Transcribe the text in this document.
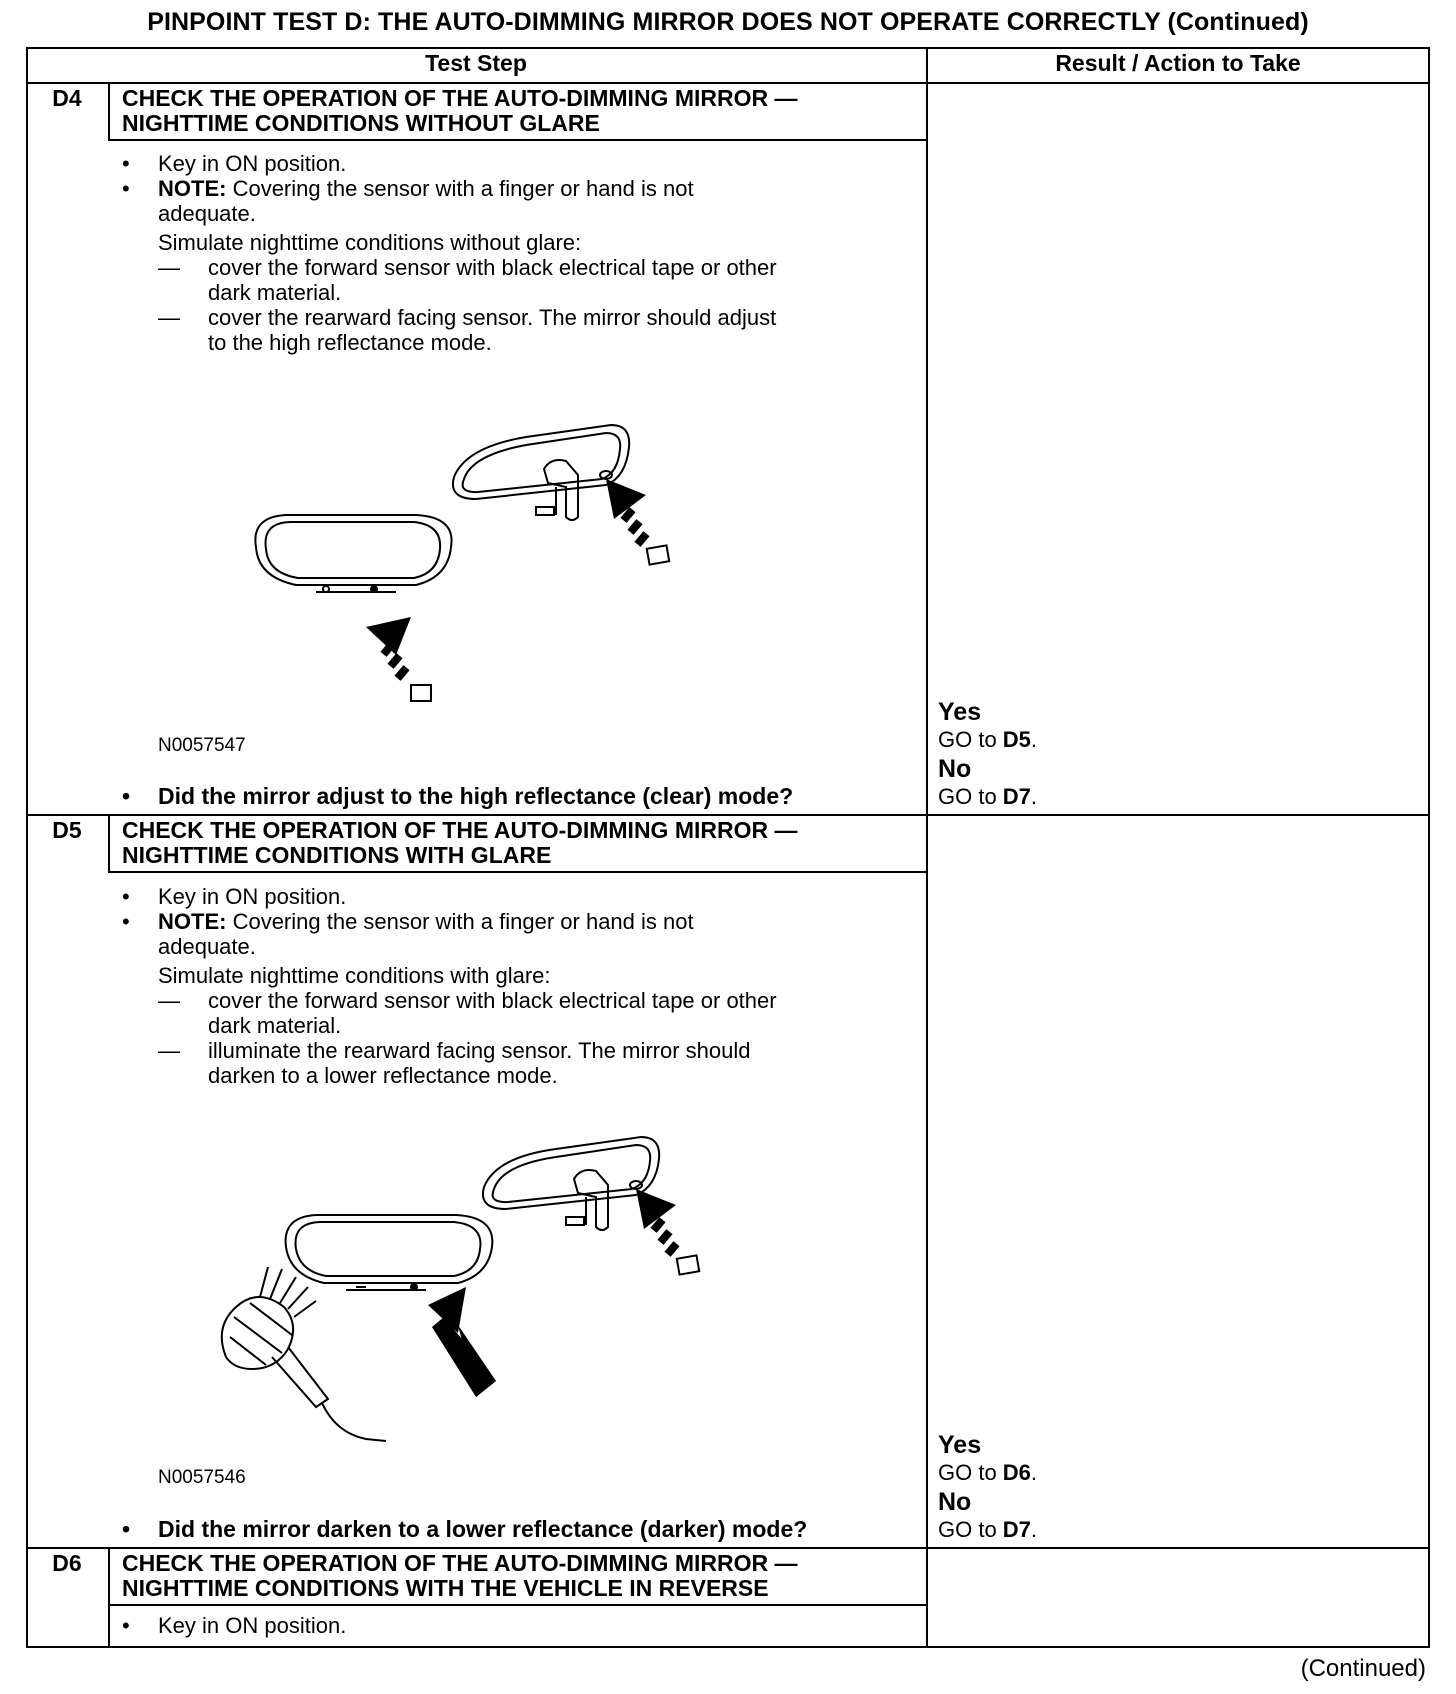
PINPOINT TEST D: THE AUTO-DIMMING MIRROR DOES NOT OPERATE CORRECTLY (Continued)
Test Step	Result / Action to Take
D4	CHECK THE OPERATION OF THE AUTO-DIMMING MIRROR —
NIGHTTIME CONDITIONS WITHOUT GLARE
• Key in ON position.
• NOTE: Covering the sensor with a finger or hand is not
adequate.
Simulate nighttime conditions without glare:
— cover the forward sensor with black electrical tape or other
dark material.
— cover the rearward facing sensor. The mirror should adjust
to the high reflectance mode.
N0057547
• Did the mirror adjust to the high reflectance (clear) mode?
Yes
GO to D5.
No
GO to D7.
D5	CHECK THE OPERATION OF THE AUTO-DIMMING MIRROR —
NIGHTTIME CONDITIONS WITH GLARE
• Key in ON position.
• NOTE: Covering the sensor with a finger or hand is not
adequate.
Simulate nighttime conditions with glare:
— cover the forward sensor with black electrical tape or other
dark material.
— illuminate the rearward facing sensor. The mirror should
darken to a lower reflectance mode.
N0057546
• Did the mirror darken to a lower reflectance (darker) mode?
Yes
GO to D6.
No
GO to D7.
D6	CHECK THE OPERATION OF THE AUTO-DIMMING MIRROR —
NIGHTTIME CONDITIONS WITH THE VEHICLE IN REVERSE
• Key in ON position.
(Continued)
